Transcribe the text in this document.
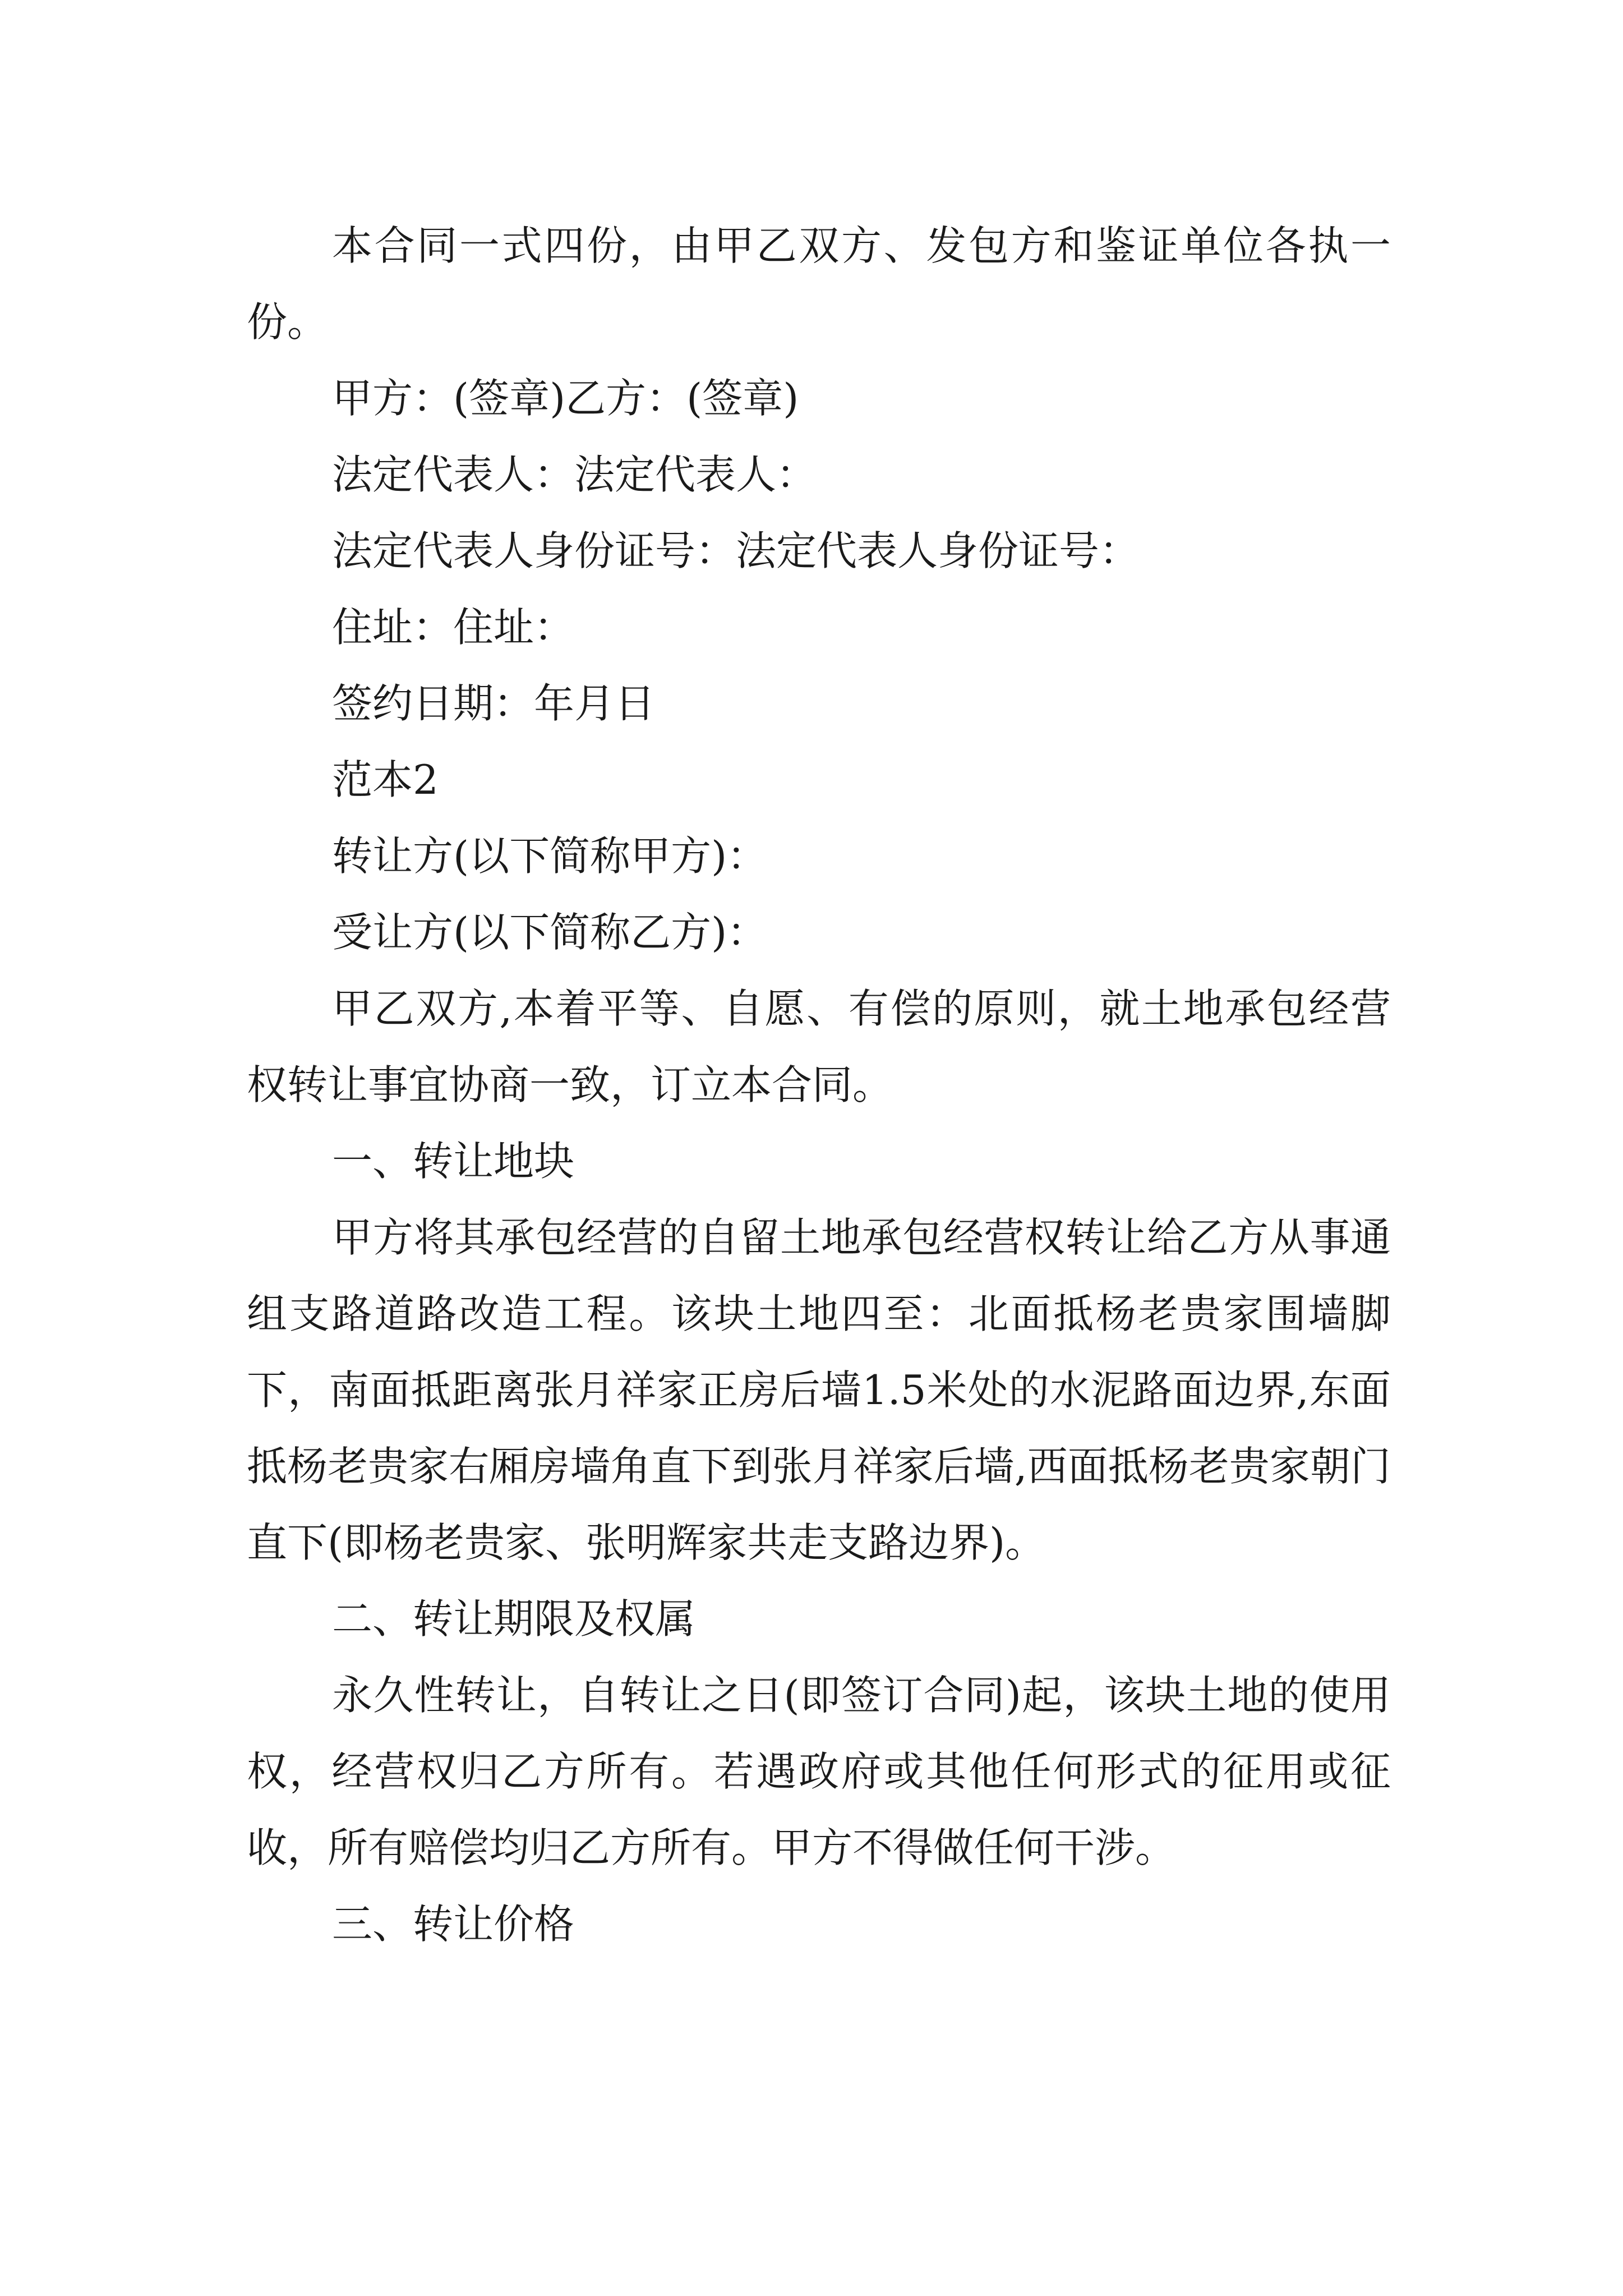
本合同一式四份，由甲乙双方、发包方和鉴证单位各执一份。

甲方：(签章)乙方：(签章)

法定代表人：法定代表人：

法定代表人身份证号：法定代表人身份证号：

住址：住址：

签约日期：年月日

范本2

转让方(以下简称甲方)：

受让方(以下简称乙方)：

甲乙双方,本着平等、自愿、有偿的原则，就土地承包经营权转让事宜协商一致，订立本合同。

一、转让地块

甲方将其承包经营的自留土地承包经营权转让给乙方从事通组支路道路改造工程。该块土地四至：北面抵杨老贵家围墙脚下，南面抵距离张月祥家正房后墙1.5米处的水泥路面边界,东面抵杨老贵家右厢房墙角直下到张月祥家后墙,西面抵杨老贵家朝门直下(即杨老贵家、张明辉家共走支路边界)。

二、转让期限及权属

永久性转让，自转让之日(即签订合同)起，该块土地的使用权，经营权归乙方所有。若遇政府或其他任何形式的征用或征收，所有赔偿均归乙方所有。甲方不得做任何干涉。

三、转让价格
